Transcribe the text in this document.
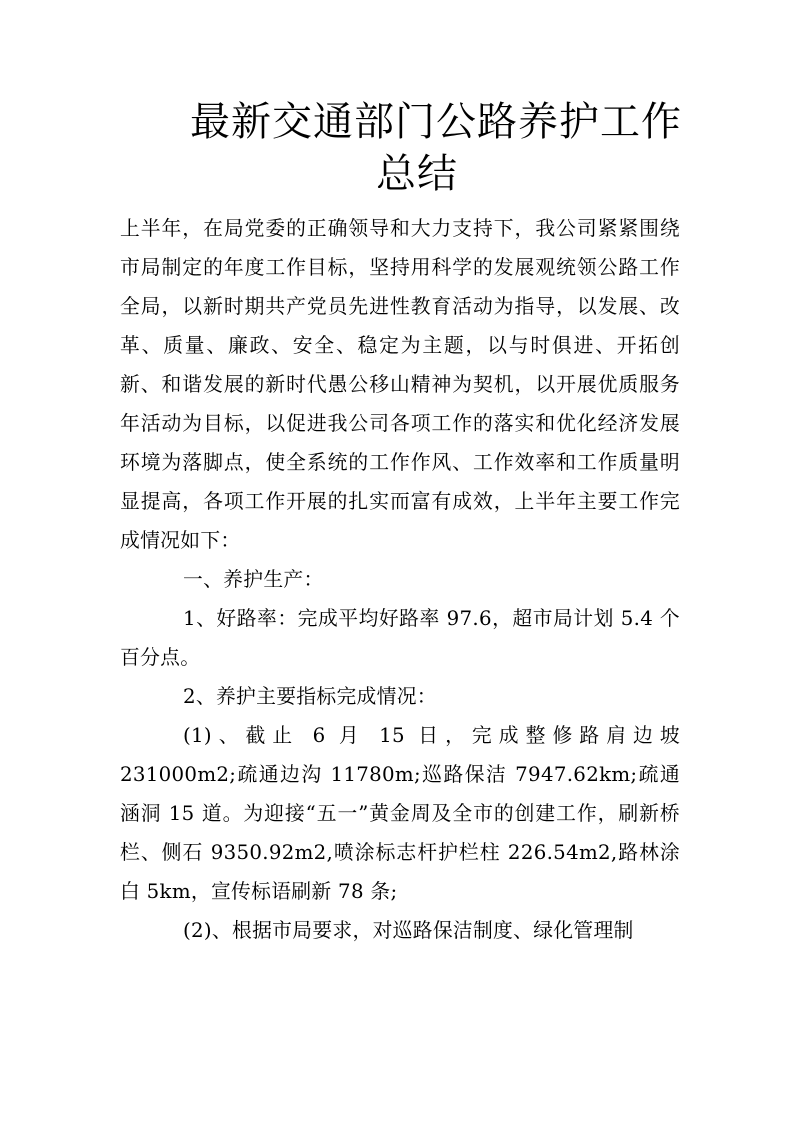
最新交通部门公路养护工作
总结

上半年，在局党委的正确领导和大力支持下，我公司紧紧围绕市局制定的年度工作目标，坚持用科学的发展观统领公路工作全局，以新时期共产党员先进性教育活动为指导，以发展、改革、质量、廉政、安全、稳定为主题，以与时俱进、开拓创新、和谐发展的新时代愚公移山精神为契机，以开展优质服务年活动为目标，以促进我公司各项工作的落实和优化经济发展环境为落脚点，使全系统的工作作风、工作效率和工作质量明显提高，各项工作开展的扎实而富有成效，上半年主要工作完成情况如下：

一、养护生产：

1、好路率：完成平均好路率 97.6，超市局计划 5.4 个百分点。

2、养护主要指标完成情况：

(1)、截止 6 月 15 日，完成整修路肩边坡 231000m2;疏通边沟 11780m;巡路保洁 7947.62km;疏通涵洞 15 道。为迎接“五一”黄金周及全市的创建工作，刷新桥栏、侧石 9350.92m2,喷涂标志杆护栏柱 226.54m2,路林涂白 5km，宣传标语刷新 78 条;

(2)、根据市局要求，对巡路保洁制度、绿化管理制
